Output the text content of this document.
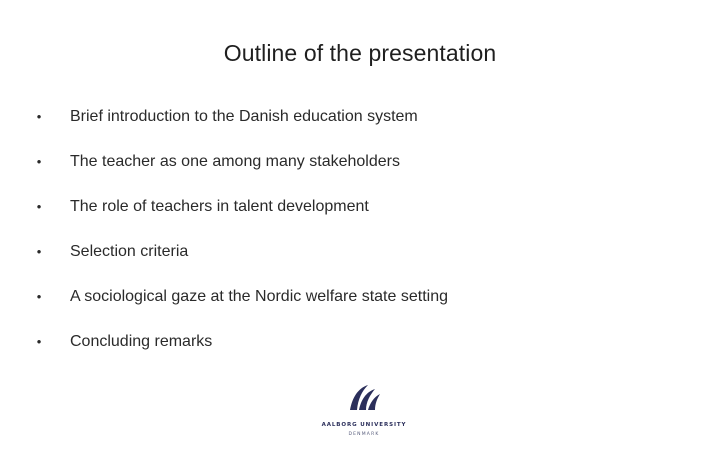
Outline of the presentation
• Brief introduction to the Danish education system
• The teacher as one among many stakeholders
• The role of teachers in talent development
• Selection criteria
• A sociological gaze at the Nordic welfare state setting
• Concluding remarks
AALBORG UNIVERSITY
DENMARK
